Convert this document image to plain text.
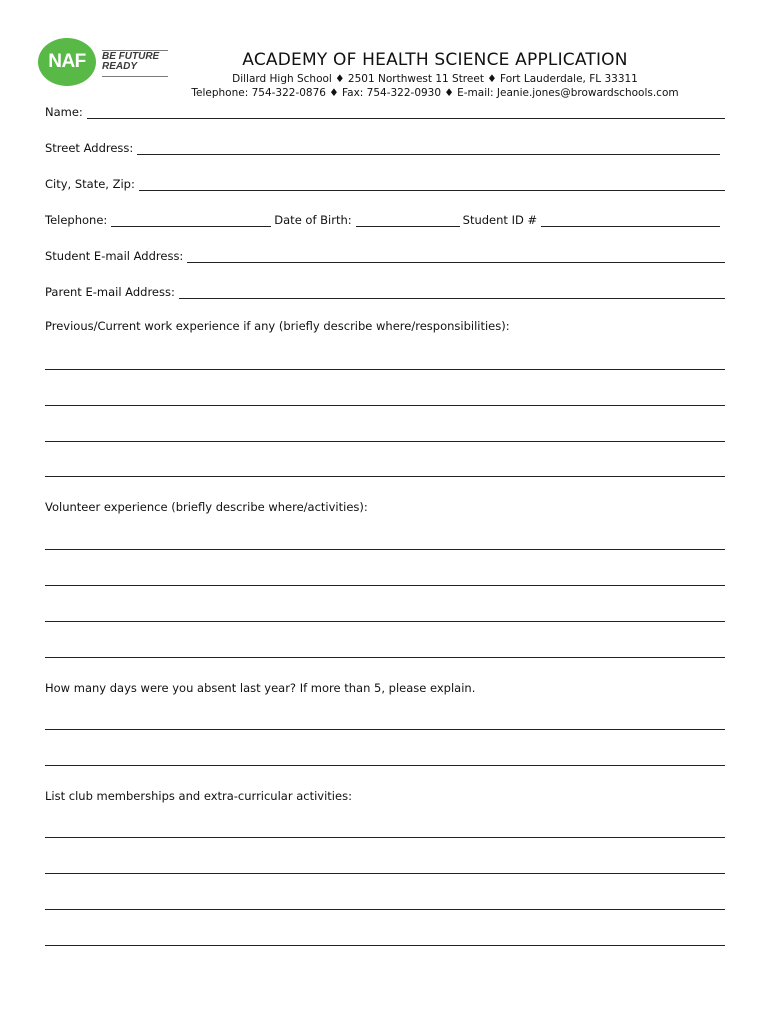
NAF	BE FUTURE
READY	ACADEMY OF HEALTH SCIENCE APPLICATION
Dillard High School ♦ 2501 Northwest 11 Street ♦ Fort Lauderdale, FL 33311
Telephone: 754-322-0876 ♦ Fax: 754-322-0930 ♦ E-mail: Jeanie.jones@browardschools.com
Name:
Street Address:
City, State, Zip:
Telephone:	Date of Birth:	Student ID #
Student E-mail Address:
Parent E-mail Address:
Previous/Current work experience if any (briefly describe where/responsibilities):
Volunteer experience (briefly describe where/activities):
How many days were you absent last year? If more than 5, please explain.
List club memberships and extra-curricular activities:
